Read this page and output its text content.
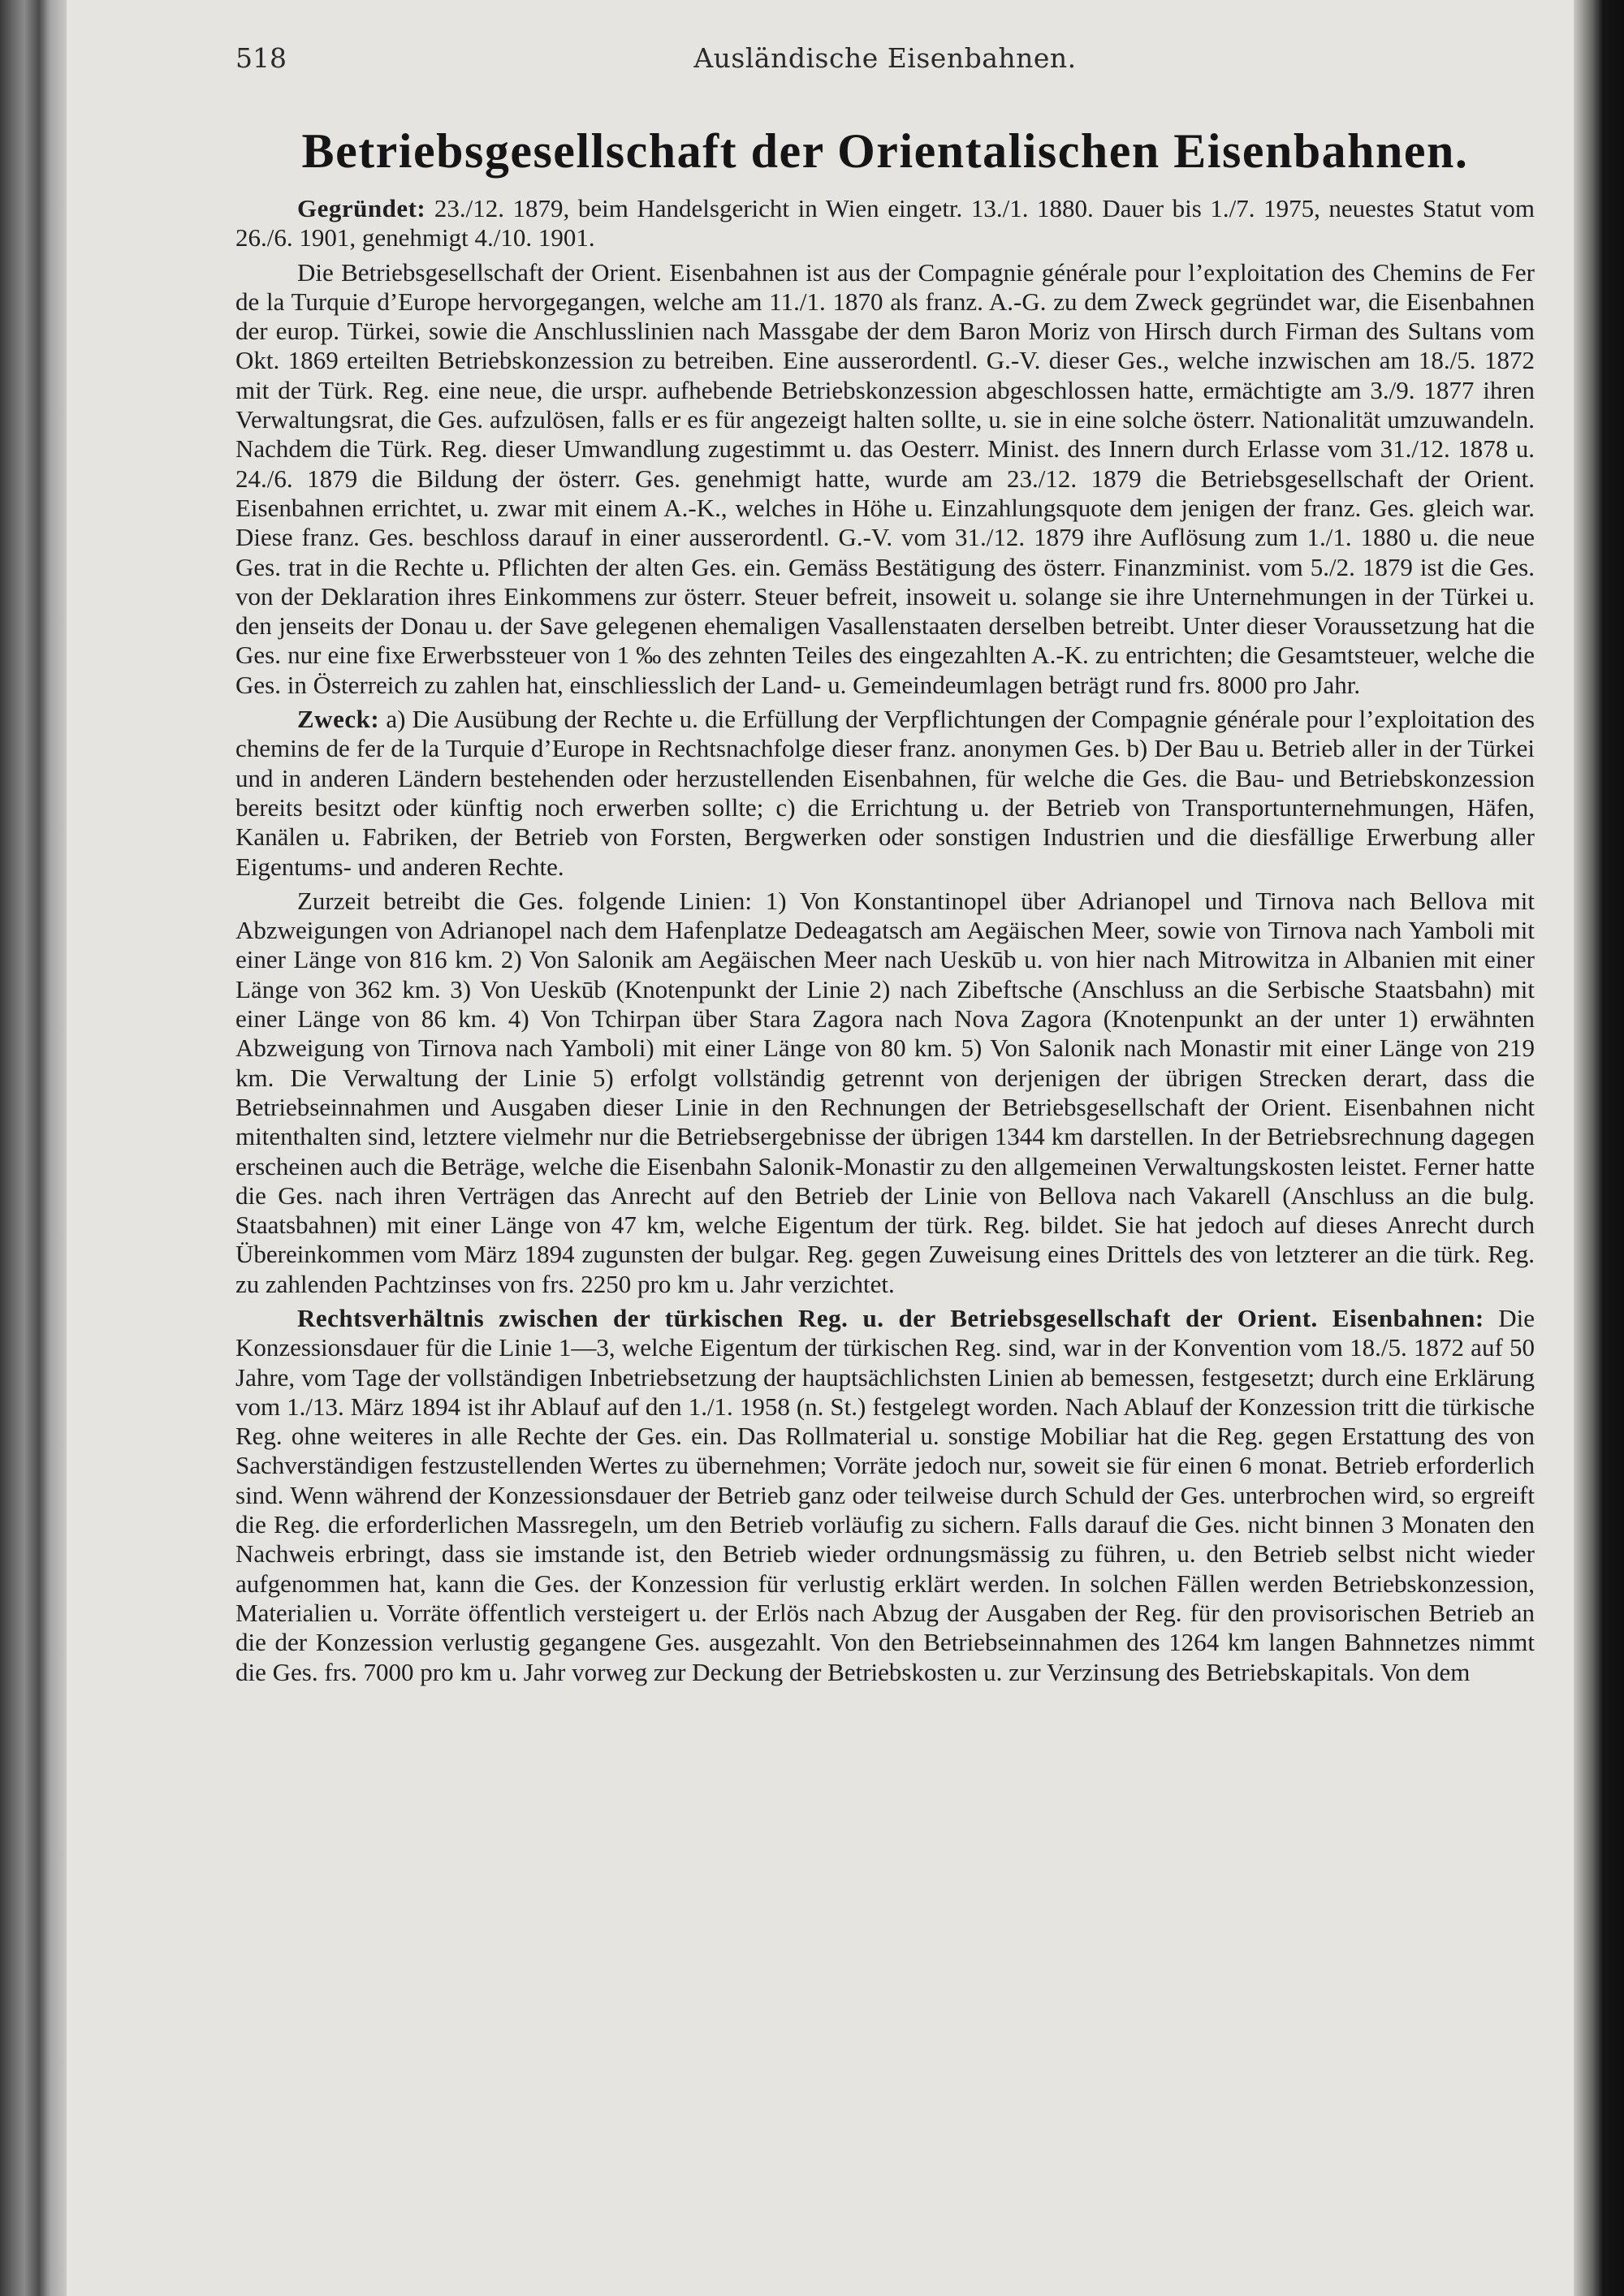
518	Ausländische Eisenbahnen.
Betriebsgesellschaft der Orientalischen Eisenbahnen.

Gegründet: 23./12. 1879, beim Handelsgericht in Wien eingetr. 13./1. 1880. Dauer bis 1./7. 1975, neuestes Statut vom 26./6. 1901, genehmigt 4./10. 1901.

Die Betriebsgesellschaft der Orient. Eisenbahnen ist aus der Compagnie générale pour l’exploitation des Chemins de Fer de la Turquie d’Europe hervorgegangen, welche am 11./1. 1870 als franz. A.-G. zu dem Zweck gegründet war, die Eisenbahnen der europ. Türkei, sowie die Anschlusslinien nach Massgabe der dem Baron Moriz von Hirsch durch Firman des Sultans vom Okt. 1869 erteilten Betriebskonzession zu betreiben. Eine ausserordentl. G.-V. dieser Ges., welche inzwischen am 18./5. 1872 mit der Türk. Reg. eine neue, die urspr. aufhebende Betriebskonzession abgeschlossen hatte, ermächtigte am 3./9. 1877 ihren Verwaltungsrat, die Ges. aufzulösen, falls er es für angezeigt halten sollte, u. sie in eine solche österr. Nationalität umzuwandeln. Nachdem die Türk. Reg. dieser Umwandlung zugestimmt u. das Oesterr. Minist. des Innern durch Erlasse vom 31./12. 1878 u. 24./6. 1879 die Bildung der österr. Ges. genehmigt hatte, wurde am 23./12. 1879 die Betriebsgesellschaft der Orient. Eisenbahnen errichtet, u. zwar mit einem A.-K., welches in Höhe u. Einzahlungsquote dem jenigen der franz. Ges. gleich war. Diese franz. Ges. beschloss darauf in einer ausserordentl. G.-V. vom 31./12. 1879 ihre Auflösung zum 1./1. 1880 u. die neue Ges. trat in die Rechte u. Pflichten der alten Ges. ein. Gemäss Bestätigung des österr. Finanzminist. vom 5./2. 1879 ist die Ges. von der Deklaration ihres Einkommens zur österr. Steuer befreit, insoweit u. solange sie ihre Unternehmungen in der Türkei u. den jenseits der Donau u. der Save gelegenen ehemaligen Vasallenstaaten derselben betreibt. Unter dieser Voraussetzung hat die Ges. nur eine fixe Erwerbssteuer von 1 ‰ des zehnten Teiles des eingezahlten A.-K. zu entrichten; die Gesamtsteuer, welche die Ges. in Österreich zu zahlen hat, einschliesslich der Land- u. Gemeindeumlagen beträgt rund frs. 8000 pro Jahr.

Zweck: a) Die Ausübung der Rechte u. die Erfüllung der Verpflichtungen der Compagnie générale pour l’exploitation des chemins de fer de la Turquie d’Europe in Rechtsnachfolge dieser franz. anonymen Ges. b) Der Bau u. Betrieb aller in der Türkei und in anderen Ländern bestehenden oder herzustellenden Eisenbahnen, für welche die Ges. die Bau- und Betriebskonzession bereits besitzt oder künftig noch erwerben sollte; c) die Errichtung u. der Betrieb von Transportunternehmungen, Häfen, Kanälen u. Fabriken, der Betrieb von Forsten, Bergwerken oder sonstigen Industrien und die diesfällige Erwerbung aller Eigentums- und anderen Rechte.

Zurzeit betreibt die Ges. folgende Linien: 1) Von Konstantinopel über Adrianopel und Tirnova nach Bellova mit Abzweigungen von Adrianopel nach dem Hafenplatze Dedeagatsch am Aegäischen Meer, sowie von Tirnova nach Yamboli mit einer Länge von 816 km. 2) Von Salonik am Aegäischen Meer nach Ueskūb u. von hier nach Mitrowitza in Albanien mit einer Länge von 362 km. 3) Von Ueskūb (Knotenpunkt der Linie 2) nach Zibeftsche (Anschluss an die Serbische Staatsbahn) mit einer Länge von 86 km. 4) Von Tchirpan über Stara Zagora nach Nova Zagora (Knotenpunkt an der unter 1) erwähnten Abzweigung von Tirnova nach Yamboli) mit einer Länge von 80 km. 5) Von Salonik nach Monastir mit einer Länge von 219 km. Die Verwaltung der Linie 5) erfolgt vollständig getrennt von derjenigen der übrigen Strecken derart, dass die Betriebseinnahmen und Ausgaben dieser Linie in den Rechnungen der Betriebsgesellschaft der Orient. Eisenbahnen nicht mitenthalten sind, letztere vielmehr nur die Betriebsergebnisse der übrigen 1344 km darstellen. In der Betriebsrechnung dagegen erscheinen auch die Beträge, welche die Eisenbahn Salonik-Monastir zu den allgemeinen Verwaltungskosten leistet. Ferner hatte die Ges. nach ihren Verträgen das Anrecht auf den Betrieb der Linie von Bellova nach Vakarell (Anschluss an die bulg. Staatsbahnen) mit einer Länge von 47 km, welche Eigentum der türk. Reg. bildet. Sie hat jedoch auf dieses Anrecht durch Übereinkommen vom März 1894 zugunsten der bulgar. Reg. gegen Zuweisung eines Drittels des von letzterer an die türk. Reg. zu zahlenden Pachtzinses von frs. 2250 pro km u. Jahr verzichtet.

Rechtsverhältnis zwischen der türkischen Reg. u. der Betriebsgesellschaft der Orient. Eisenbahnen: Die Konzessionsdauer für die Linie 1—3, welche Eigentum der türkischen Reg. sind, war in der Konvention vom 18./5. 1872 auf 50 Jahre, vom Tage der vollständigen Inbetriebsetzung der hauptsächlichsten Linien ab bemessen, festgesetzt; durch eine Erklärung vom 1./13. März 1894 ist ihr Ablauf auf den 1./1. 1958 (n. St.) festgelegt worden. Nach Ablauf der Konzession tritt die türkische Reg. ohne weiteres in alle Rechte der Ges. ein. Das Rollmaterial u. sonstige Mobiliar hat die Reg. gegen Erstattung des von Sachverständigen festzustellenden Wertes zu übernehmen; Vorräte jedoch nur, soweit sie für einen 6 monat. Betrieb erforderlich sind. Wenn während der Konzessionsdauer der Betrieb ganz oder teilweise durch Schuld der Ges. unterbrochen wird, so ergreift die Reg. die erforderlichen Massregeln, um den Betrieb vorläufig zu sichern. Falls darauf die Ges. nicht binnen 3 Monaten den Nachweis erbringt, dass sie imstande ist, den Betrieb wieder ordnungsmässig zu führen, u. den Betrieb selbst nicht wieder aufgenommen hat, kann die Ges. der Konzession für verlustig erklärt werden. In solchen Fällen werden Betriebskonzession, Materialien u. Vorräte öffentlich versteigert u. der Erlös nach Abzug der Ausgaben der Reg. für den provisorischen Betrieb an die der Konzession verlustig gegangene Ges. ausgezahlt. Von den Betriebseinnahmen des 1264 km langen Bahnnetzes nimmt die Ges. frs. 7000 pro km u. Jahr vorweg zur Deckung der Betriebskosten u. zur Verzinsung des Betriebskapitals. Von dem
